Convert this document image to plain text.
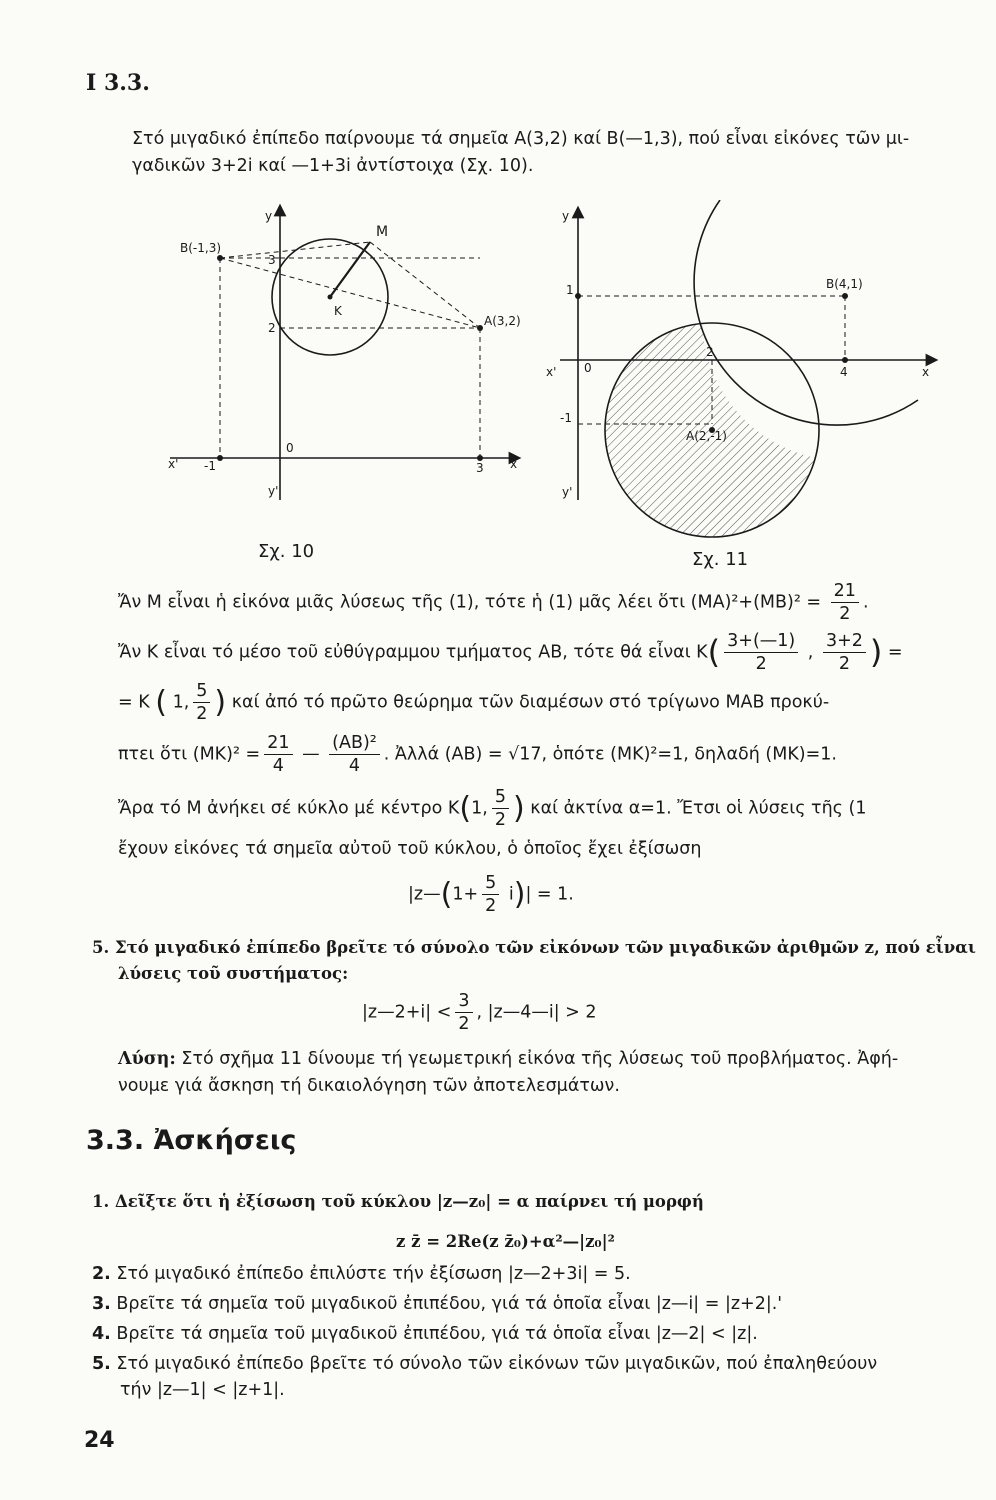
I 3.3.
Στό μιγαδικό ἐπίπεδο παίρνουμε τά σημεῖα Α(3,2) καί Β(—1,3), πού εἶναι εἰκόνες τῶν μι-
γαδικῶν 3+2i καί —1+3i ἀντίστοιχα (Σχ. 10).
B(-1,3)
M
K
A(3,2)
y
y'
x
x'
0
3
2
-1	3
y
y'
x
x' 0
B(4,1)
A(2,-1)
1
-1
2
4
Σχ. 10	Σχ. 11
Ἄν Μ εἶναι ἡ εἰκόνα μιᾶς λύσεως τῆς (1), τότε ἡ (1) μᾶς λέει ὅτι $(MA)^2+(MB)^2 = \frac{21}{2}$ .
Ἄν Κ εἶναι τό μέσο τοῦ εὐθύγραμμου τμήματος ΑΒ, τότε θά εἶναι $K( \frac{3+(—1)}{2}$ , $\frac{3+2}{2}$ ) =
= Κ ( 1, $\frac{5}{2}$ ) καί ἀπό τό πρῶτο θεώρημα τῶν διαμέσων στό τρίγωνο ΜΑΒ προκύ-
πτει ὅτι $(MK)^2 = \frac{21}{4}$ — $\frac{\text{(ΑΒ)²}}{4}$ . Ἀλλά (ΑΒ) = √17, ὁπότε (ΜΚ)²=1, δηλαδή (ΜΚ)=1.
Ἄρα τό Μ ἀνήκει σέ κύκλο μέ κέντρο Κ(1, $\frac{5}{2}$ ) καί ἀκτίνα α=1. Ἔτσι οἱ λύσεις τῆς (1
ἔχουν εἰκόνες τά σημεῖα αὐτοῦ τοῦ κύκλου, ὁ ὁποῖος ἔχει ἐξίσωση
|z—(1+ $\frac{5}{2} i)| = 1$.
5. Στό μιγαδικό ἐπίπεδο βρεῖτε τό σύνολο τῶν εἰκόνων τῶν μιγαδικῶν ἀριθμῶν z, πού εἶναι
λύσεις τοῦ συστήματος:
|z—2+i| < $\frac{3}{2}$ , |z—4—i| > 2
Λύση: Στό σχῆμα 11 δίνουμε τή γεωμετρική εἰκόνα τῆς λύσεως τοῦ προβλήματος. Ἀφή-
νουμε γιά ἄσκηση τή δικαιολόγηση τῶν ἀποτελεσμάτων.
3.3. Ἀσκήσεις
1. Δεῖξτε ὅτι ἡ ἐξίσωση τοῦ κύκλου |z—z₀| = α παίρνει τή μορφή
z z̄ = 2Re(z z̄₀)+α²—|z₀|²
2. Στό μιγαδικό ἐπίπεδο ἐπιλύστε τήν ἐξίσωση |z—2+3i| = 5.
3. Βρεῖτε τά σημεῖα τοῦ μιγαδικοῦ ἐπιπέδου, γιά τά ὁποῖα εἶναι |z—i| = |z+2|.'
4. Βρεῖτε τά σημεῖα τοῦ μιγαδικοῦ ἐπιπέδου, γιά τά ὁποῖα εἶναι |z—2| < |z|.
5. Στό μιγαδικό ἐπίπεδο βρεῖτε τό σύνολο τῶν εἰκόνων τῶν μιγαδικῶν, πού ἐπαληθεύουν
τήν |z—1| < |z+1|.
24
